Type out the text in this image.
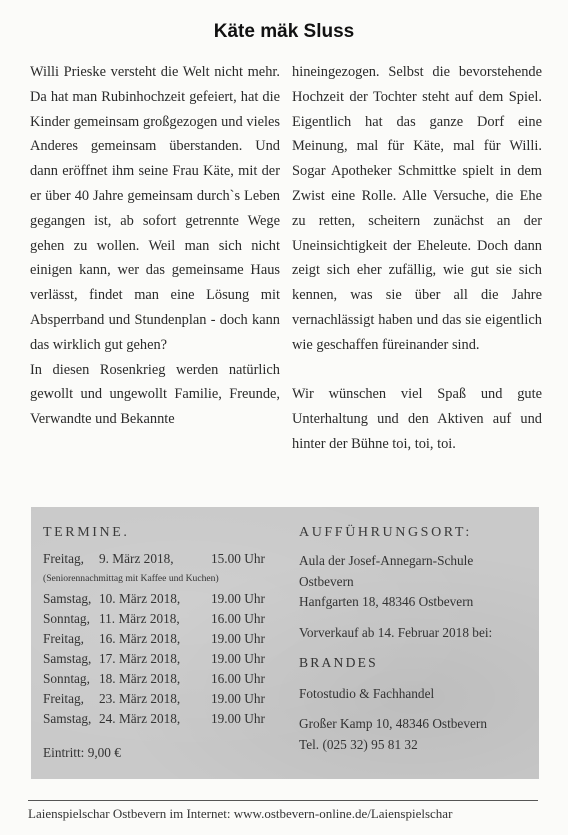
Käte mäk Sluss

Willi Prieske versteht die Welt nicht mehr. Da hat man Rubinhochzeit gefeiert, hat die Kinder gemeinsam großgezogen und vieles Anderes gemeinsam überstanden. Und dann eröffnet ihm seine Frau Käte, mit der er über 40 Jahre gemeinsam durch`s Leben gegangen ist, ab sofort getrennte Wege gehen zu wollen. Weil man sich nicht einigen kann, wer das gemeinsame Haus verlässt, findet man eine Lösung mit Absperrband und Stundenplan - doch kann das wirklich gut gehen?

In diesen Rosenkrieg werden natürlich gewollt und ungewollt Familie, Freunde, Verwandte und Bekannte

hineingezogen. Selbst die bevorstehende Hochzeit der Tochter steht auf dem Spiel. Eigentlich hat das ganze Dorf eine Meinung, mal für Käte, mal für Willi. Sogar Apotheker Schmittke spielt in dem Zwist eine Rolle. Alle Versuche, die Ehe zu retten, scheitern zunächst an der Uneinsichtigkeit der Eheleute. Doch dann zeigt sich eher zufällig, wie gut sie sich kennen, was sie über all die Jahre vernachlässigt haben und das sie eigentlich wie geschaffen füreinander sind.

Wir wünschen viel Spaß und gute Unterhaltung und den Aktiven auf und hinter der Bühne toi, toi, toi.

TERMINE.
Freitag, 9. März 2018,	15.00 Uhr
(Seniorennachmittag mit Kaffee und Kuchen)
Samstag, 10. März 2018, 19.00 Uhr
Sonntag, 11. März 2018, 16.00 Uhr
Freitag, 16. März 2018, 19.00 Uhr
Samstag, 17. März 2018, 19.00 Uhr
Sonntag, 18. März 2018, 16.00 Uhr
Freitag, 23. März 2018, 19.00 Uhr
Samstag, 24. März 2018, 19.00 Uhr
Eintritt: 9,00 €
AUFFÜHRUNGSORT:
Aula der Josef-Annegarn-Schule
Ostbevern
Hanfgarten 18, 48346 Ostbevern
Vorverkauf ab 14. Februar 2018 bei:
BRANDES
Fotostudio & Fachhandel
Großer Kamp 10, 48346 Ostbevern
Tel. (025 32) 95 81 32
Laienspielschar Ostbevern im Internet: www.ostbevern-online.de/Laienspielschar
